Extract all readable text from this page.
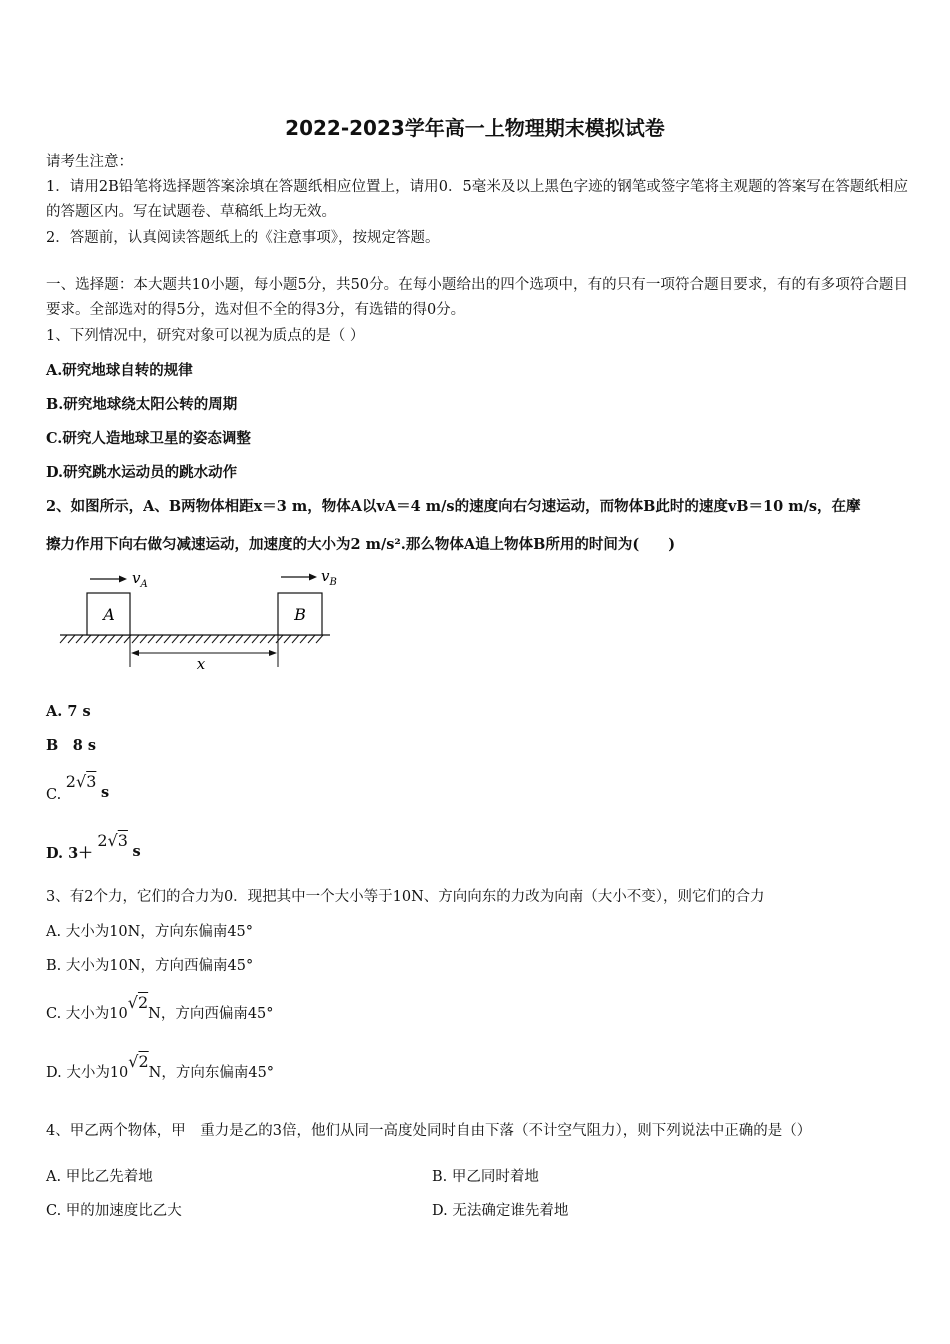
2022-2023学年高一上物理期末模拟试卷
请考生注意：
1．请用2B铅笔将选择题答案涂填在答题纸相应位置上，请用0．5毫米及以上黑色字迹的钢笔或签字笔将主观题的答案写在答题纸相应的答题区内。写在试题卷、草稿纸上均无效。
2．答题前，认真阅读答题纸上的《注意事项》，按规定答题。
一、选择题：本大题共10小题，每小题5分，共50分。在每小题给出的四个选项中，有的只有一项符合题目要求，有的有多项符合题目要求。全部选对的得5分，选对但不全的得3分，有选错的得0分。
1、下列情况中，研究对象可以视为质点的是（ ）
A.研究地球自转的规律
B.研究地球绕太阳公转的周期
C.研究人造地球卫星的姿态调整
D.研究跳水运动员的跳水动作
2、如图所示，A、B两物体相距x＝3 m，物体A以vA＝4 m/s的速度向右匀速运动，而物体B此时的速度vB＝10 m/s，在摩
擦力作用下向右做匀减速运动，加速度的大小为2 m/s².那么物体A追上物体B所用的时间为(　　)
A	B
$v_A$	$v_B$
x
A. 7 s
B　8 s
C. 2√3 s
D. 3＋ 2√3 s
3、有2个力，它们的合力为0．现把其中一个大小等于10N、方向向东的力改为向南（大小不变），则它们的合力
A. 大小为10N，方向东偏南45°
B. 大小为10N，方向西偏南45°
C. 大小为10√2N，方向西偏南45°
D. 大小为10√2N，方向东偏南45°
4、甲乙两个物体，甲　重力是乙的3倍，他们从同一高度处同时自由下落（不计空气阻力），则下列说法中正确的是（）
A. 甲比乙先着地	B. 甲乙同时着地
C. 甲的加速度比乙大	D. 无法确定谁先着地
